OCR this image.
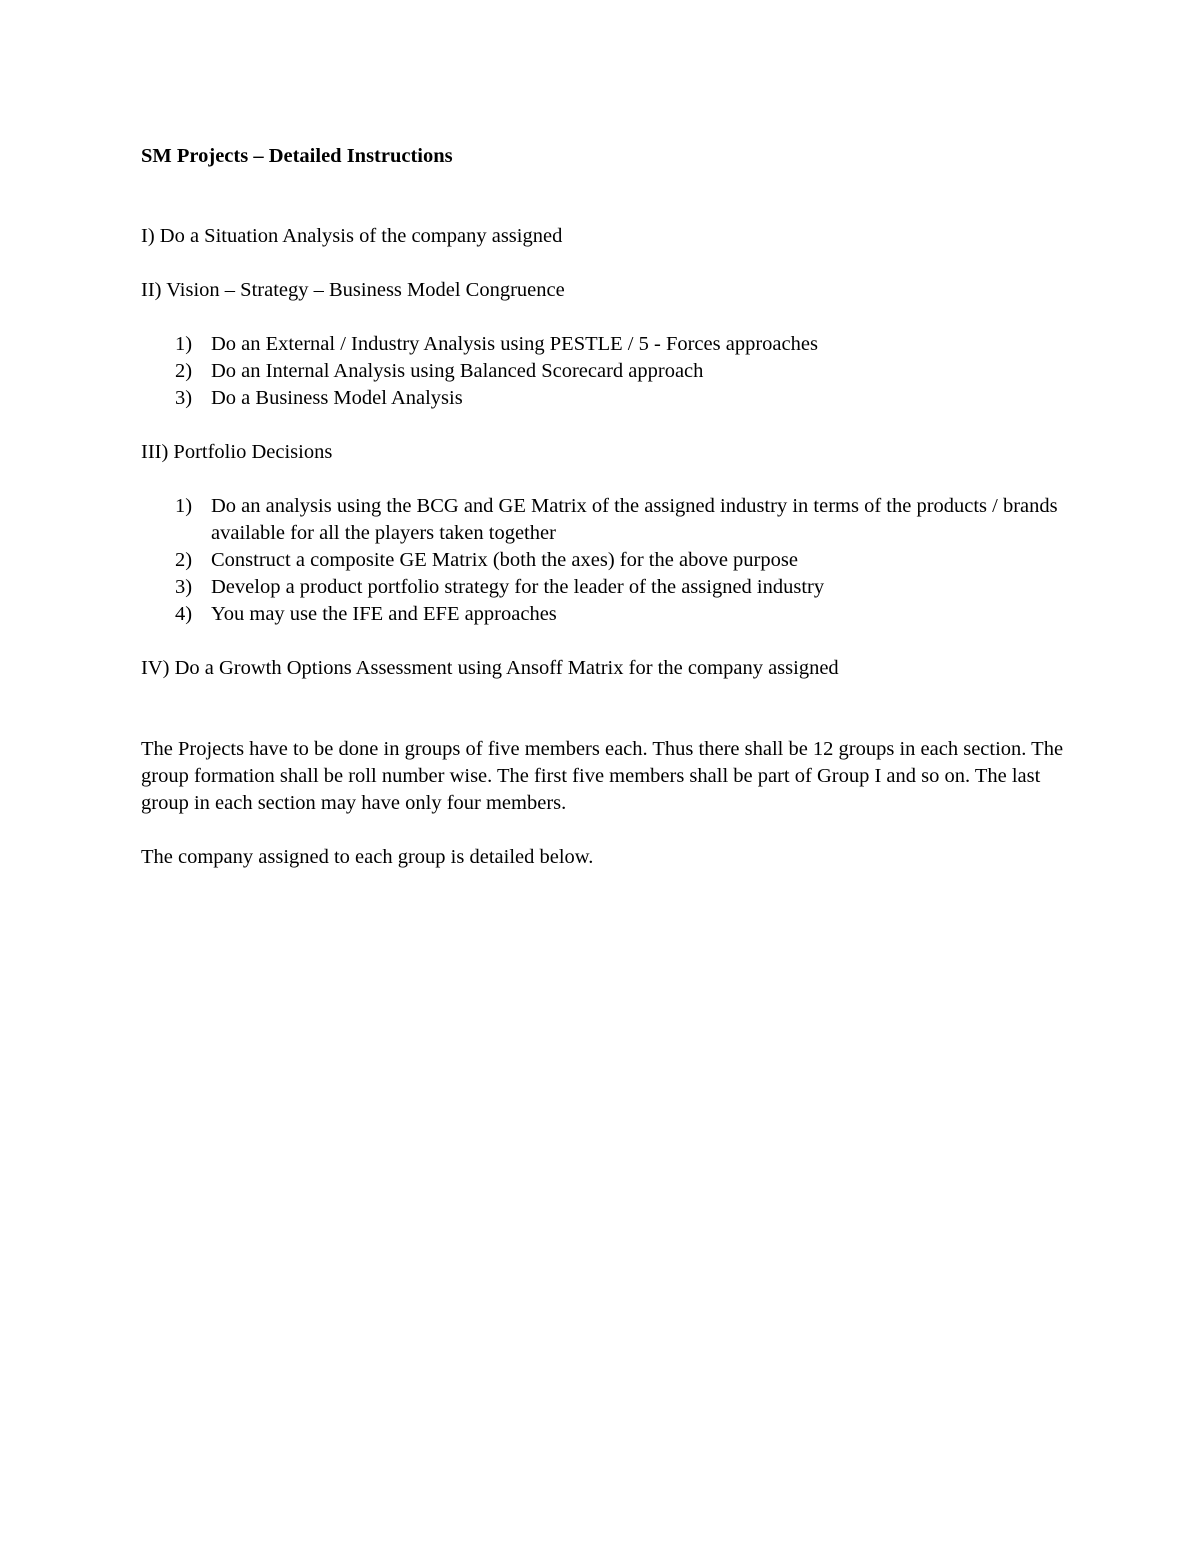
SM Projects – Detailed Instructions

I) Do a Situation Analysis of the company assigned

II) Vision – Strategy – Business Model Congruence

1) Do an External / Industry Analysis using PESTLE / 5 - Forces approaches
2) Do an Internal Analysis using Balanced Scorecard approach
3) Do a Business Model Analysis

III) Portfolio Decisions

1) Do an analysis using the BCG and GE Matrix of the assigned industry in terms of the products / brands available for all the players taken together
2) Construct a composite GE Matrix (both the axes) for the above purpose
3) Develop a product portfolio strategy for the leader of the assigned industry
4) You may use the IFE and EFE approaches

IV) Do a Growth Options Assessment using Ansoff Matrix for the company assigned

The Projects have to be done in groups of five members each. Thus there shall be 12 groups in each section. The group formation shall be roll number wise. The first five members shall be part of Group I and so on. The last group in each section may have only four members.

The company assigned to each group is detailed below.
